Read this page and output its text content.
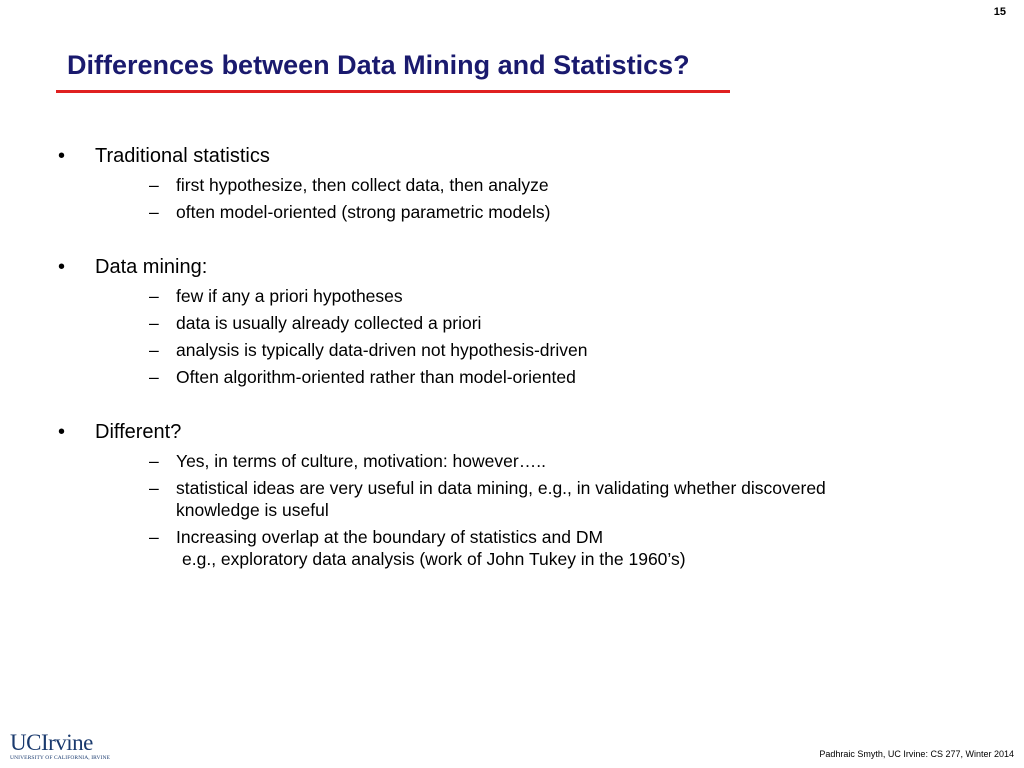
15
Differences between Data Mining and Statistics?
• Traditional statistics
– first hypothesize, then collect data, then analyze
– often model-oriented (strong parametric models)
• Data mining:
– few if any a priori hypotheses
– data is usually already collected a priori
– analysis is typically data-driven not hypothesis-driven
– Often algorithm-oriented rather than model-oriented
• Different?
– Yes, in terms of culture, motivation: however…..
– statistical ideas are very useful in data mining, e.g., in validating whether discovered
knowledge is useful
– Increasing overlap at the boundary of statistics and DM
e.g., exploratory data analysis (work of John Tukey in the 1960’s)
UCIrvine
UNIVERSITY OF CALIFORNIA, IRVINE	Padhraic Smyth, UC Irvine: CS 277, Winter 2014
